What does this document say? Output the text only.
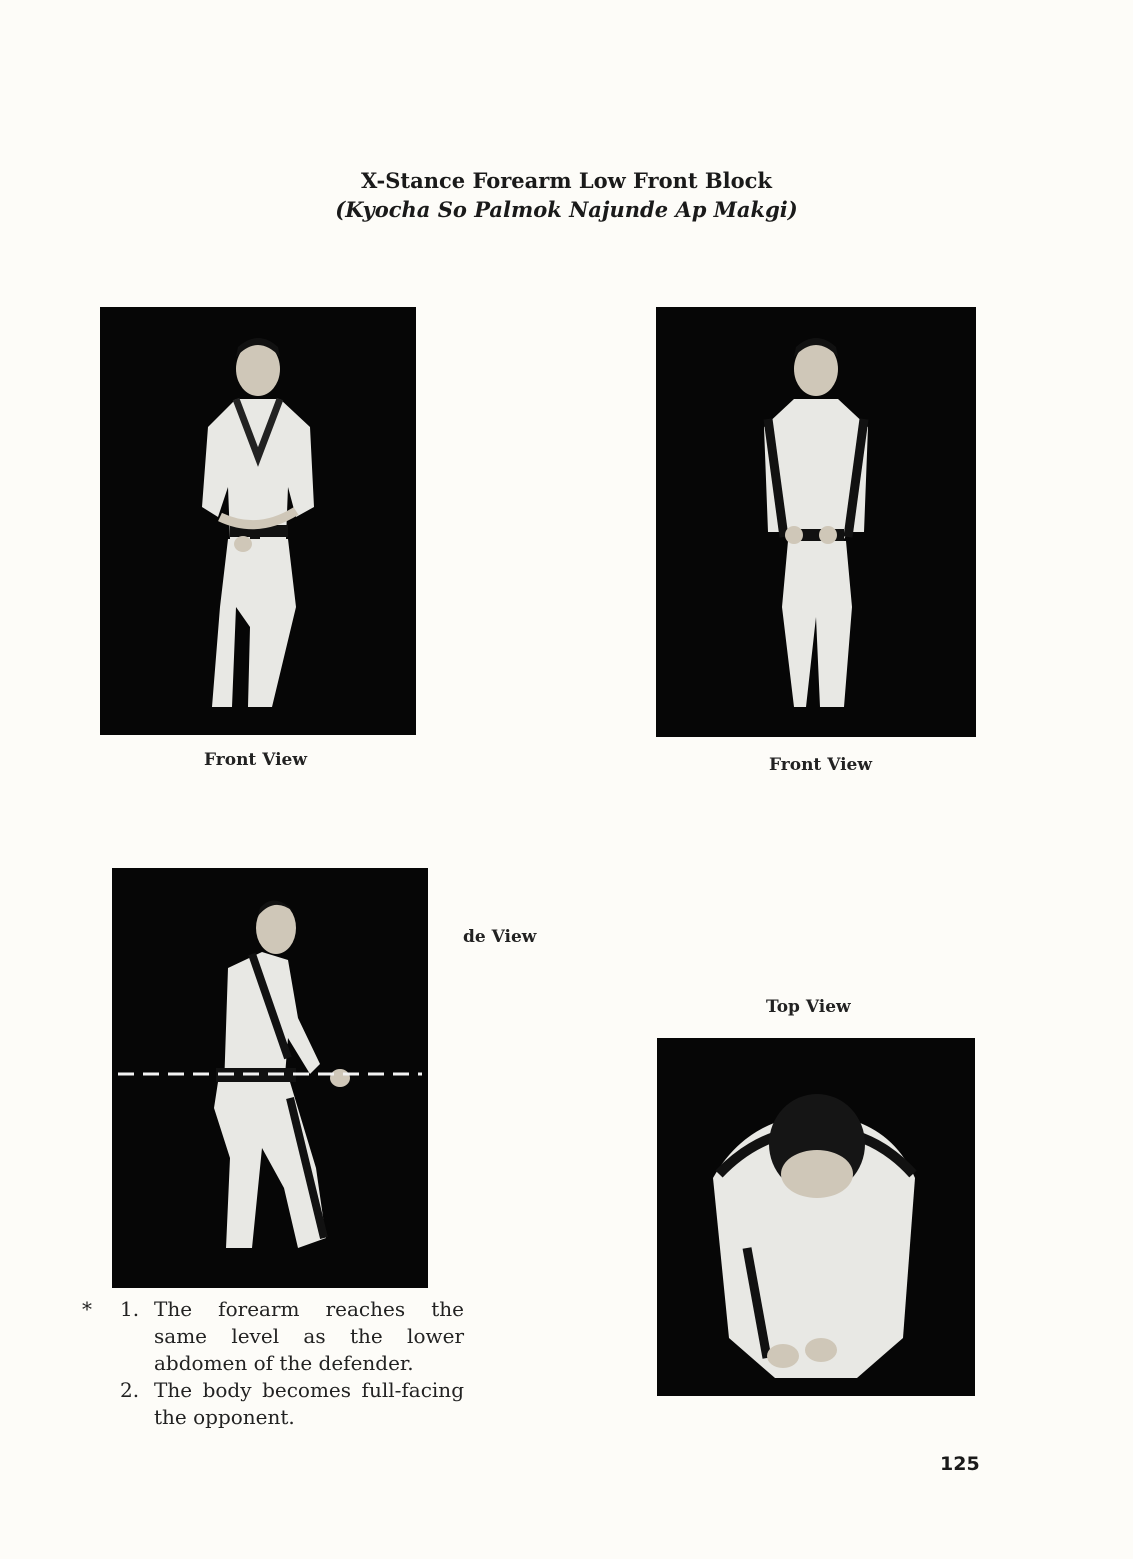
X-Stance Forearm Low Front Block
(Kyocha So Palmok Najunde Ap Makgi)
Front View	Front View
de View
Top View
*	1. The forearm reaches the same level as the lower abdomen of the defender.
2. The body becomes full-facing the opponent.
125
